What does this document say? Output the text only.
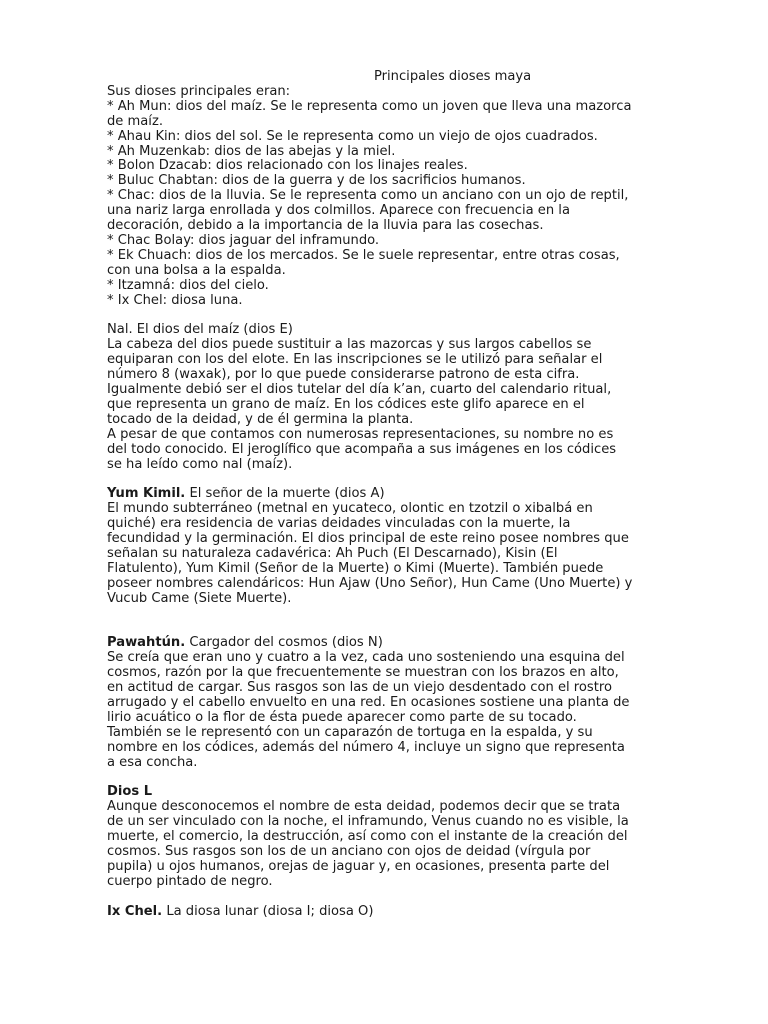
Principales dioses maya
Sus dioses principales eran:
* Ah Mun: dios del maíz. Se le representa como un joven que lleva una mazorca
de maíz.
* Ahau Kin: dios del sol. Se le representa como un viejo de ojos cuadrados.
* Ah Muzenkab: dios de las abejas y la miel.
* Bolon Dzacab: dios relacionado con los linajes reales.
* Buluc Chabtan: dios de la guerra y de los sacrificios humanos.
* Chac: dios de la lluvia. Se le representa como un anciano con un ojo de reptil,
una nariz larga enrollada y dos colmillos. Aparece con frecuencia en la
decoración, debido a la importancia de la lluvia para las cosechas.
* Chac Bolay: dios jaguar del inframundo.
* Ek Chuach: dios de los mercados. Se le suele representar, entre otras cosas,
con una bolsa a la espalda.
* Itzamná: dios del cielo.
* Ix Chel: diosa luna.
Nal. El dios del maíz (dios E)
La cabeza del dios puede sustituir a las mazorcas y sus largos cabellos se
equiparan con los del elote. En las inscripciones se le utilizó para señalar el
número 8 (waxak), por lo que puede considerarse patrono de esta cifra.
Igualmente debió ser el dios tutelar del día k’an, cuarto del calendario ritual,
que representa un grano de maíz. En los códices este glifo aparece en el
tocado de la deidad, y de él germina la planta.
A pesar de que contamos con numerosas representaciones, su nombre no es
del todo conocido. El jeroglífico que acompaña a sus imágenes en los códices
se ha leído como nal (maíz).
Yum Kimil. El señor de la muerte (dios A)
El mundo subterráneo (metnal en yucateco, olontic en tzotzil o xibalbá en
quiché) era residencia de varias deidades vinculadas con la muerte, la
fecundidad y la germinación. El dios principal de este reino posee nombres que
señalan su naturaleza cadavérica: Ah Puch (El Descarnado), Kisin (El
Flatulento), Yum Kimil (Señor de la Muerte) o Kimi (Muerte). También puede
poseer nombres calendáricos: Hun Ajaw (Uno Señor), Hun Came (Uno Muerte) y
Vucub Came (Siete Muerte).
Pawahtún. Cargador del cosmos (dios N)
Se creía que eran uno y cuatro a la vez, cada uno sosteniendo una esquina del
cosmos, razón por la que frecuentemente se muestran con los brazos en alto,
en actitud de cargar. Sus rasgos son las de un viejo desdentado con el rostro
arrugado y el cabello envuelto en una red. En ocasiones sostiene una planta de
lirio acuático o la flor de ésta puede aparecer como parte de su tocado.
También se le representó con un caparazón de tortuga en la espalda, y su
nombre en los códices, además del número 4, incluye un signo que representa
a esa concha.
Dios L
Aunque desconocemos el nombre de esta deidad, podemos decir que se trata
de un ser vinculado con la noche, el inframundo, Venus cuando no es visible, la
muerte, el comercio, la destrucción, así como con el instante de la creación del
cosmos. Sus rasgos son los de un anciano con ojos de deidad (vírgula por
pupila) u ojos humanos, orejas de jaguar y, en ocasiones, presenta parte del
cuerpo pintado de negro.
Ix Chel. La diosa lunar (diosa I; diosa O)
